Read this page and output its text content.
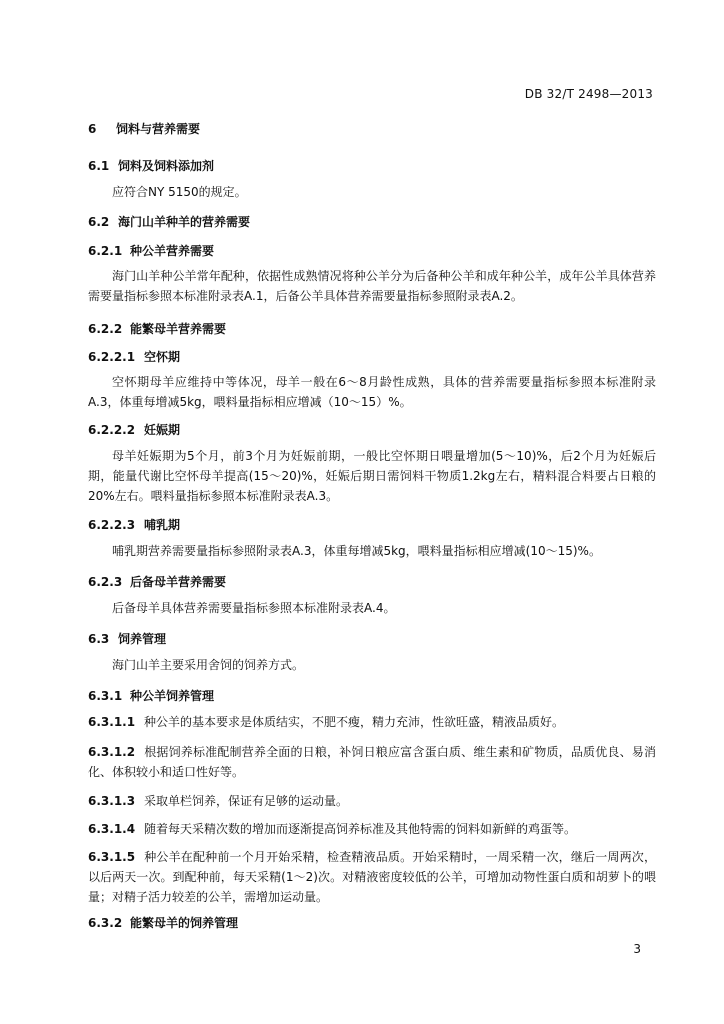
DB 32/T 2498—2013
6 饲料与营养需要
6.1 饲料及饲料添加剂
应符合NY 5150的规定。
6.2 海门山羊种羊的营养需要
6.2.1 种公羊营养需要
海门山羊种公羊常年配种，依据性成熟情况将种公羊分为后备种公羊和成年种公羊，成年公羊具体营养需要量指标参照本标准附录表A.1，后备公羊具体营养需要量指标参照附录表A.2。
6.2.2 能繁母羊营养需要
6.2.2.1 空怀期
空怀期母羊应维持中等体况，母羊一般在6～8月龄性成熟，具体的营养需要量指标参照本标准附录A.3，体重每增减5kg，喂料量指标相应增减（10～15）%。
6.2.2.2 妊娠期
母羊妊娠期为5个月，前3个月为妊娠前期，一般比空怀期日喂量增加(5～10)%，后2个月为妊娠后期，能量代谢比空怀母羊提高(15～20)%，妊娠后期日需饲料干物质1.2kg左右，精料混合料要占日粮的20%左右。喂料量指标参照本标准附录表A.3。
6.2.2.3 哺乳期
哺乳期营养需要量指标参照附录表A.3，体重每增减5kg，喂料量指标相应增减(10～15)%。
6.2.3 后备母羊营养需要
后备母羊具体营养需要量指标参照本标准附录表A.4。
6.3 饲养管理
海门山羊主要采用舍饲的饲养方式。
6.3.1 种公羊饲养管理
6.3.1.1 种公羊的基本要求是体质结实，不肥不瘦，精力充沛，性欲旺盛，精液品质好。
6.3.1.2 根据饲养标准配制营养全面的日粮，补饲日粮应富含蛋白质、维生素和矿物质，品质优良、易消化、体积较小和适口性好等。
6.3.1.3 采取单栏饲养，保证有足够的运动量。
6.3.1.4 随着每天采精次数的增加而逐渐提高饲养标准及其他特需的饲料如新鲜的鸡蛋等。
6.3.1.5 种公羊在配种前一个月开始采精，检查精液品质。开始采精时，一周采精一次，继后一周两次，以后两天一次。到配种前，每天采精(1～2)次。对精液密度较低的公羊，可增加动物性蛋白质和胡萝卜的喂量；对精子活力较差的公羊，需增加运动量。
6.3.2 能繁母羊的饲养管理
3
